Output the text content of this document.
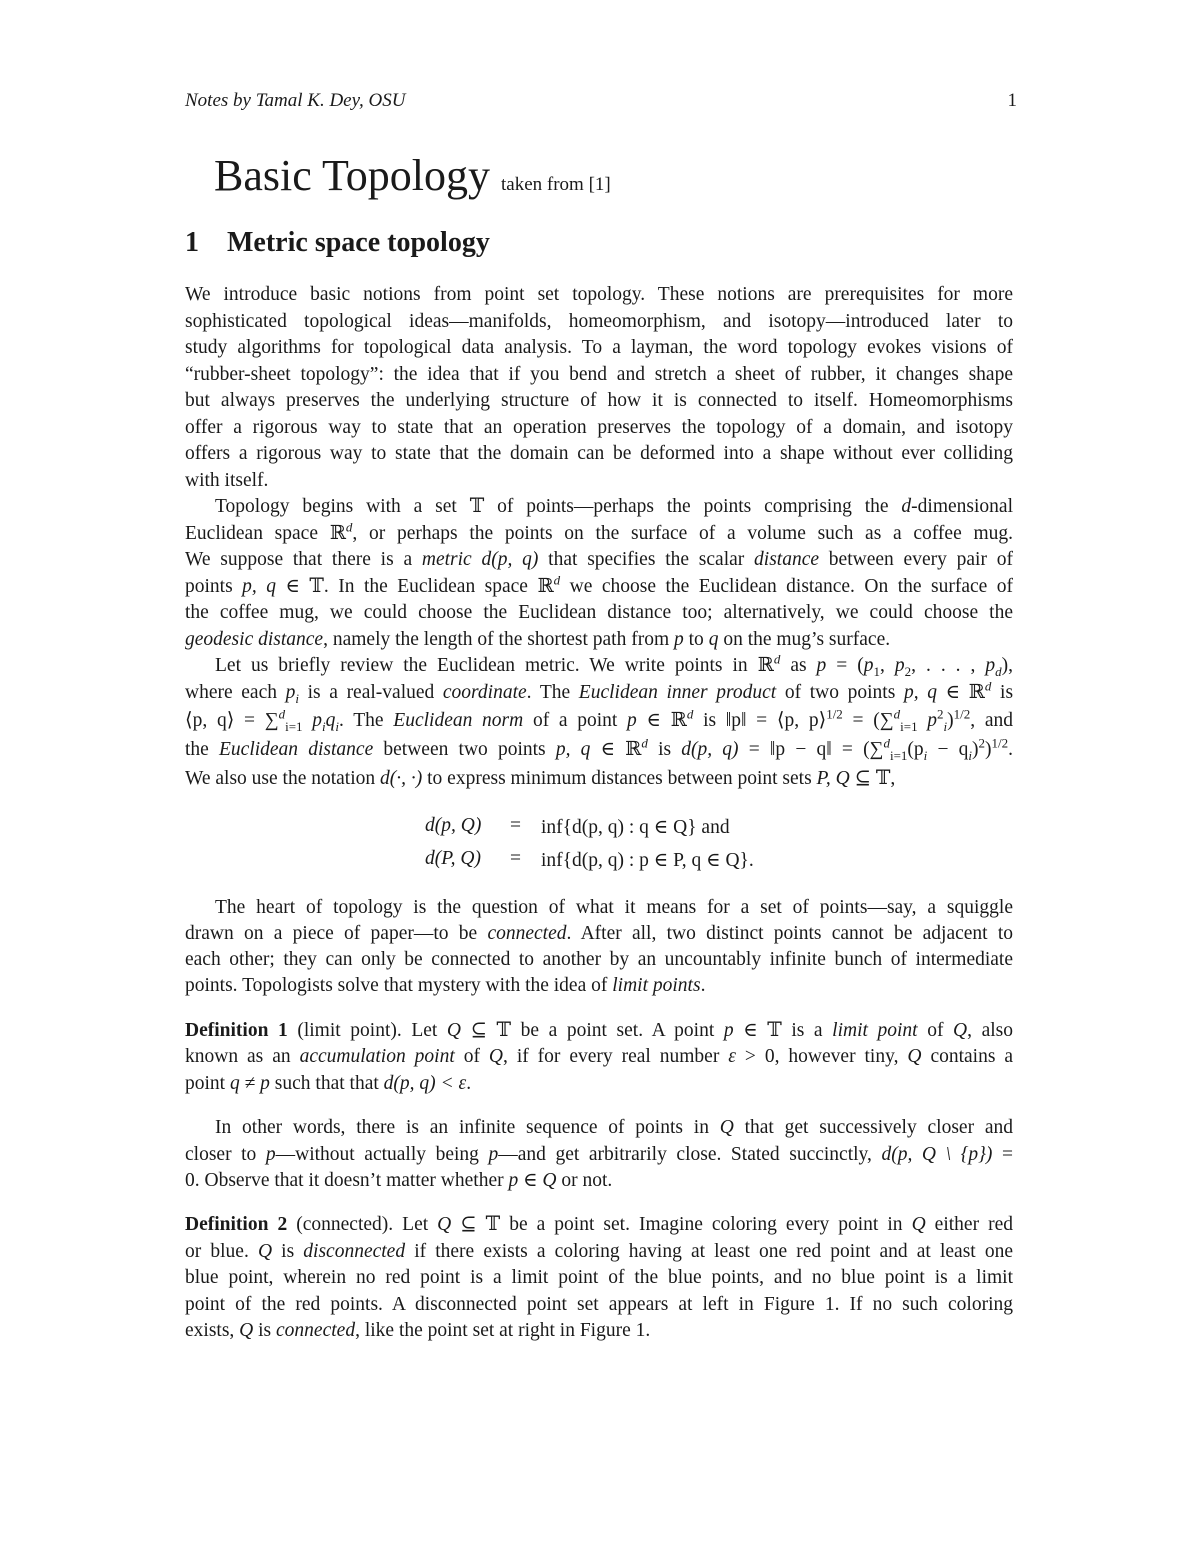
Notes by Tamal K. Dey, OSU	1
Basic Topology taken from [1]
1 Metric space topology
We introduce basic notions from point set topology. These notions are prerequisites for more
sophisticated topological ideas—manifolds, homeomorphism, and isotopy—introduced later to
study algorithms for topological data analysis. To a layman, the word topology evokes visions of
“rubber-sheet topology”: the idea that if you bend and stretch a sheet of rubber, it changes shape
but always preserves the underlying structure of how it is connected to itself. Homeomorphisms
offer a rigorous way to state that an operation preserves the topology of a domain, and isotopy
offers a rigorous way to state that the domain can be deformed into a shape without ever colliding
with itself.
Topology begins with a set 𝕋 of points—perhaps the points comprising the d-dimensional
Euclidean space ℝ$^d$, or perhaps the points on the surface of a volume such as a coffee mug.
We suppose that there is a metric d(p, q) that specifies the scalar distance between every pair of
points p, q ∈ 𝕋. In the Euclidean space ℝ$^d$ we choose the Euclidean distance. On the surface of
the coffee mug, we could choose the Euclidean distance too; alternatively, we could choose the
geodesic distance, namely the length of the shortest path from p to q on the mug’s surface.
Let us briefly review the Euclidean metric. We write points in ℝ$^d$ as $p = (p_1$, $p_2$, . . . , $p_d$),
where each $p_i$ is a real-valued coordinate. The Euclidean inner product of two points p, q ∈ ℝ$^d$ is
⟨p, q⟩ = ∑$^d_{i=1}$ $p_iq_i$. The Euclidean norm of a point p ∈ ℝ$^d$ is ‖p‖ = ⟨p, p⟩$^{1/2}$ = (∑$^d_{i=1}$ $p^2_i)^{1/2}$, and
the Euclidean distance between two points p, q ∈ ℝ$^d$ is d(p, q) = ‖p − q‖ = $(\sum^d_{i=1}(p_i - q_i)^2)^{1/2}$.
We also use the notation d(·, ·) to express minimum distances between point sets P, Q ⊆ 𝕋,
d(p, Q) = inf{d(p, q) : q ∈ Q} and
d(P, Q) = inf{d(p, q) : p ∈ P, q ∈ Q}.
The heart of topology is the question of what it means for a set of points—say, a squiggle
drawn on a piece of paper—to be connected. After all, two distinct points cannot be adjacent to
each other; they can only be connected to another by an uncountably infinite bunch of intermediate
points. Topologists solve that mystery with the idea of limit points.
Definition 1 (limit point). Let Q ⊆ 𝕋 be a point set. A point p ∈ 𝕋 is a limit point of Q, also
known as an accumulation point of Q, if for every real number ε > 0, however tiny, Q contains a
point q ≠ p such that that d(p, q) < ε.
In other words, there is an infinite sequence of points in Q that get successively closer and
closer to p—without actually being p—and get arbitrarily close. Stated succinctly, d(p, Q \ {p}) =
0. Observe that it doesn’t matter whether p ∈ Q or not.
Definition 2 (connected). Let Q ⊆ 𝕋 be a point set. Imagine coloring every point in Q either red
or blue. Q is disconnected if there exists a coloring having at least one red point and at least one
blue point, wherein no red point is a limit point of the blue points, and no blue point is a limit
point of the red points. A disconnected point set appears at left in Figure 1. If no such coloring
exists, Q is connected, like the point set at right in Figure 1.
